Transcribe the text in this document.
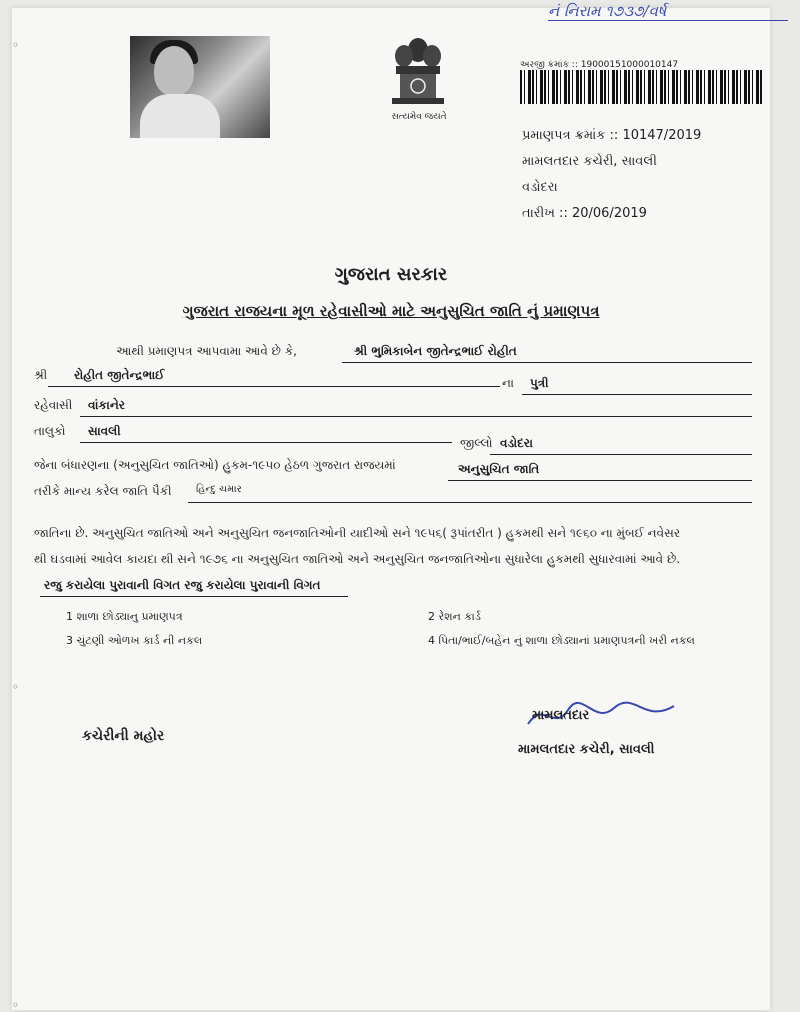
સત્યમેવ જયતે
અરજી ક્રમાંક :: 19000151000010147
પ્રમાણપત્ર ક્રમાંક :: 10147/2019
મામલતદાર કચેરી, સાવલી
વડોદરા
તારીખ :: 20/06/2019
ગુજરાત સરકાર
ગુજરાત રાજયના મૂળ રહેવાસીઓ માટે અનુસુચિત જાતિ નું પ્રમાણપત્ર
આથી પ્રમાણપત્ર આપવામા આવે છે કે,	શ્રી ભુમિકાબેન જીતેન્દ્રભાઈ રોહીત
શ્રી રોહીત જીતેન્દ્રભાઈ
ના પુત્રી
રહેવાસી વાંકાનેર
તાલુકો સાવલી
જીલ્લો વડોદરા
જેના બંધારણના (અનુસુચિત જાતિઓ) હુકમ-૧૯૫૦ હેઠળ ગુજરાત રાજયમાં	અનુસુચિત જાતિ
તરીકે માન્ય કરેલ જાતિ પૈકી હિન્દુ ચમાર
જાતિના છે. અનુસુચિત જાતિઓ અને અનુસુચિત જનજાતિઓની યાદીઓ સને ૧૯૫૬( રૂપાંતરીત ) હુકમથી સને ૧૯૬૦ ના મુંબઈ નવેસર
થી ઘડવામાં આવેલ કાયદા થી સને ૧૯૭૬ ના અનુસુચિત જાતિઓ અને અનુસુચિત જનજાતિઓના સુધારેલા હુકમથી સુધારવામાં આવે છે.
રજુ કરાયેલા પુરાવાની વિગત રજુ કરાયેલા પુરાવાની વિગત
1 શાળા છોડ્યાનુ પ્રમાણપત્ર	2 રેશન કાર્ડ
3 ચુંટણી ઓળખ કાર્ડ ની નકલ	4 પિતા/ભાઈ/બહેન નું શાળા છોડ્યાનાં પ્રમાણપત્રની ખરી નકલ
કચેરીની મહોર
મામલતદાર
મામલતદાર કચેરી, સાવલી
◦
◦
◦
નં નિરામ ૧૭૩૭/વર્ષ
